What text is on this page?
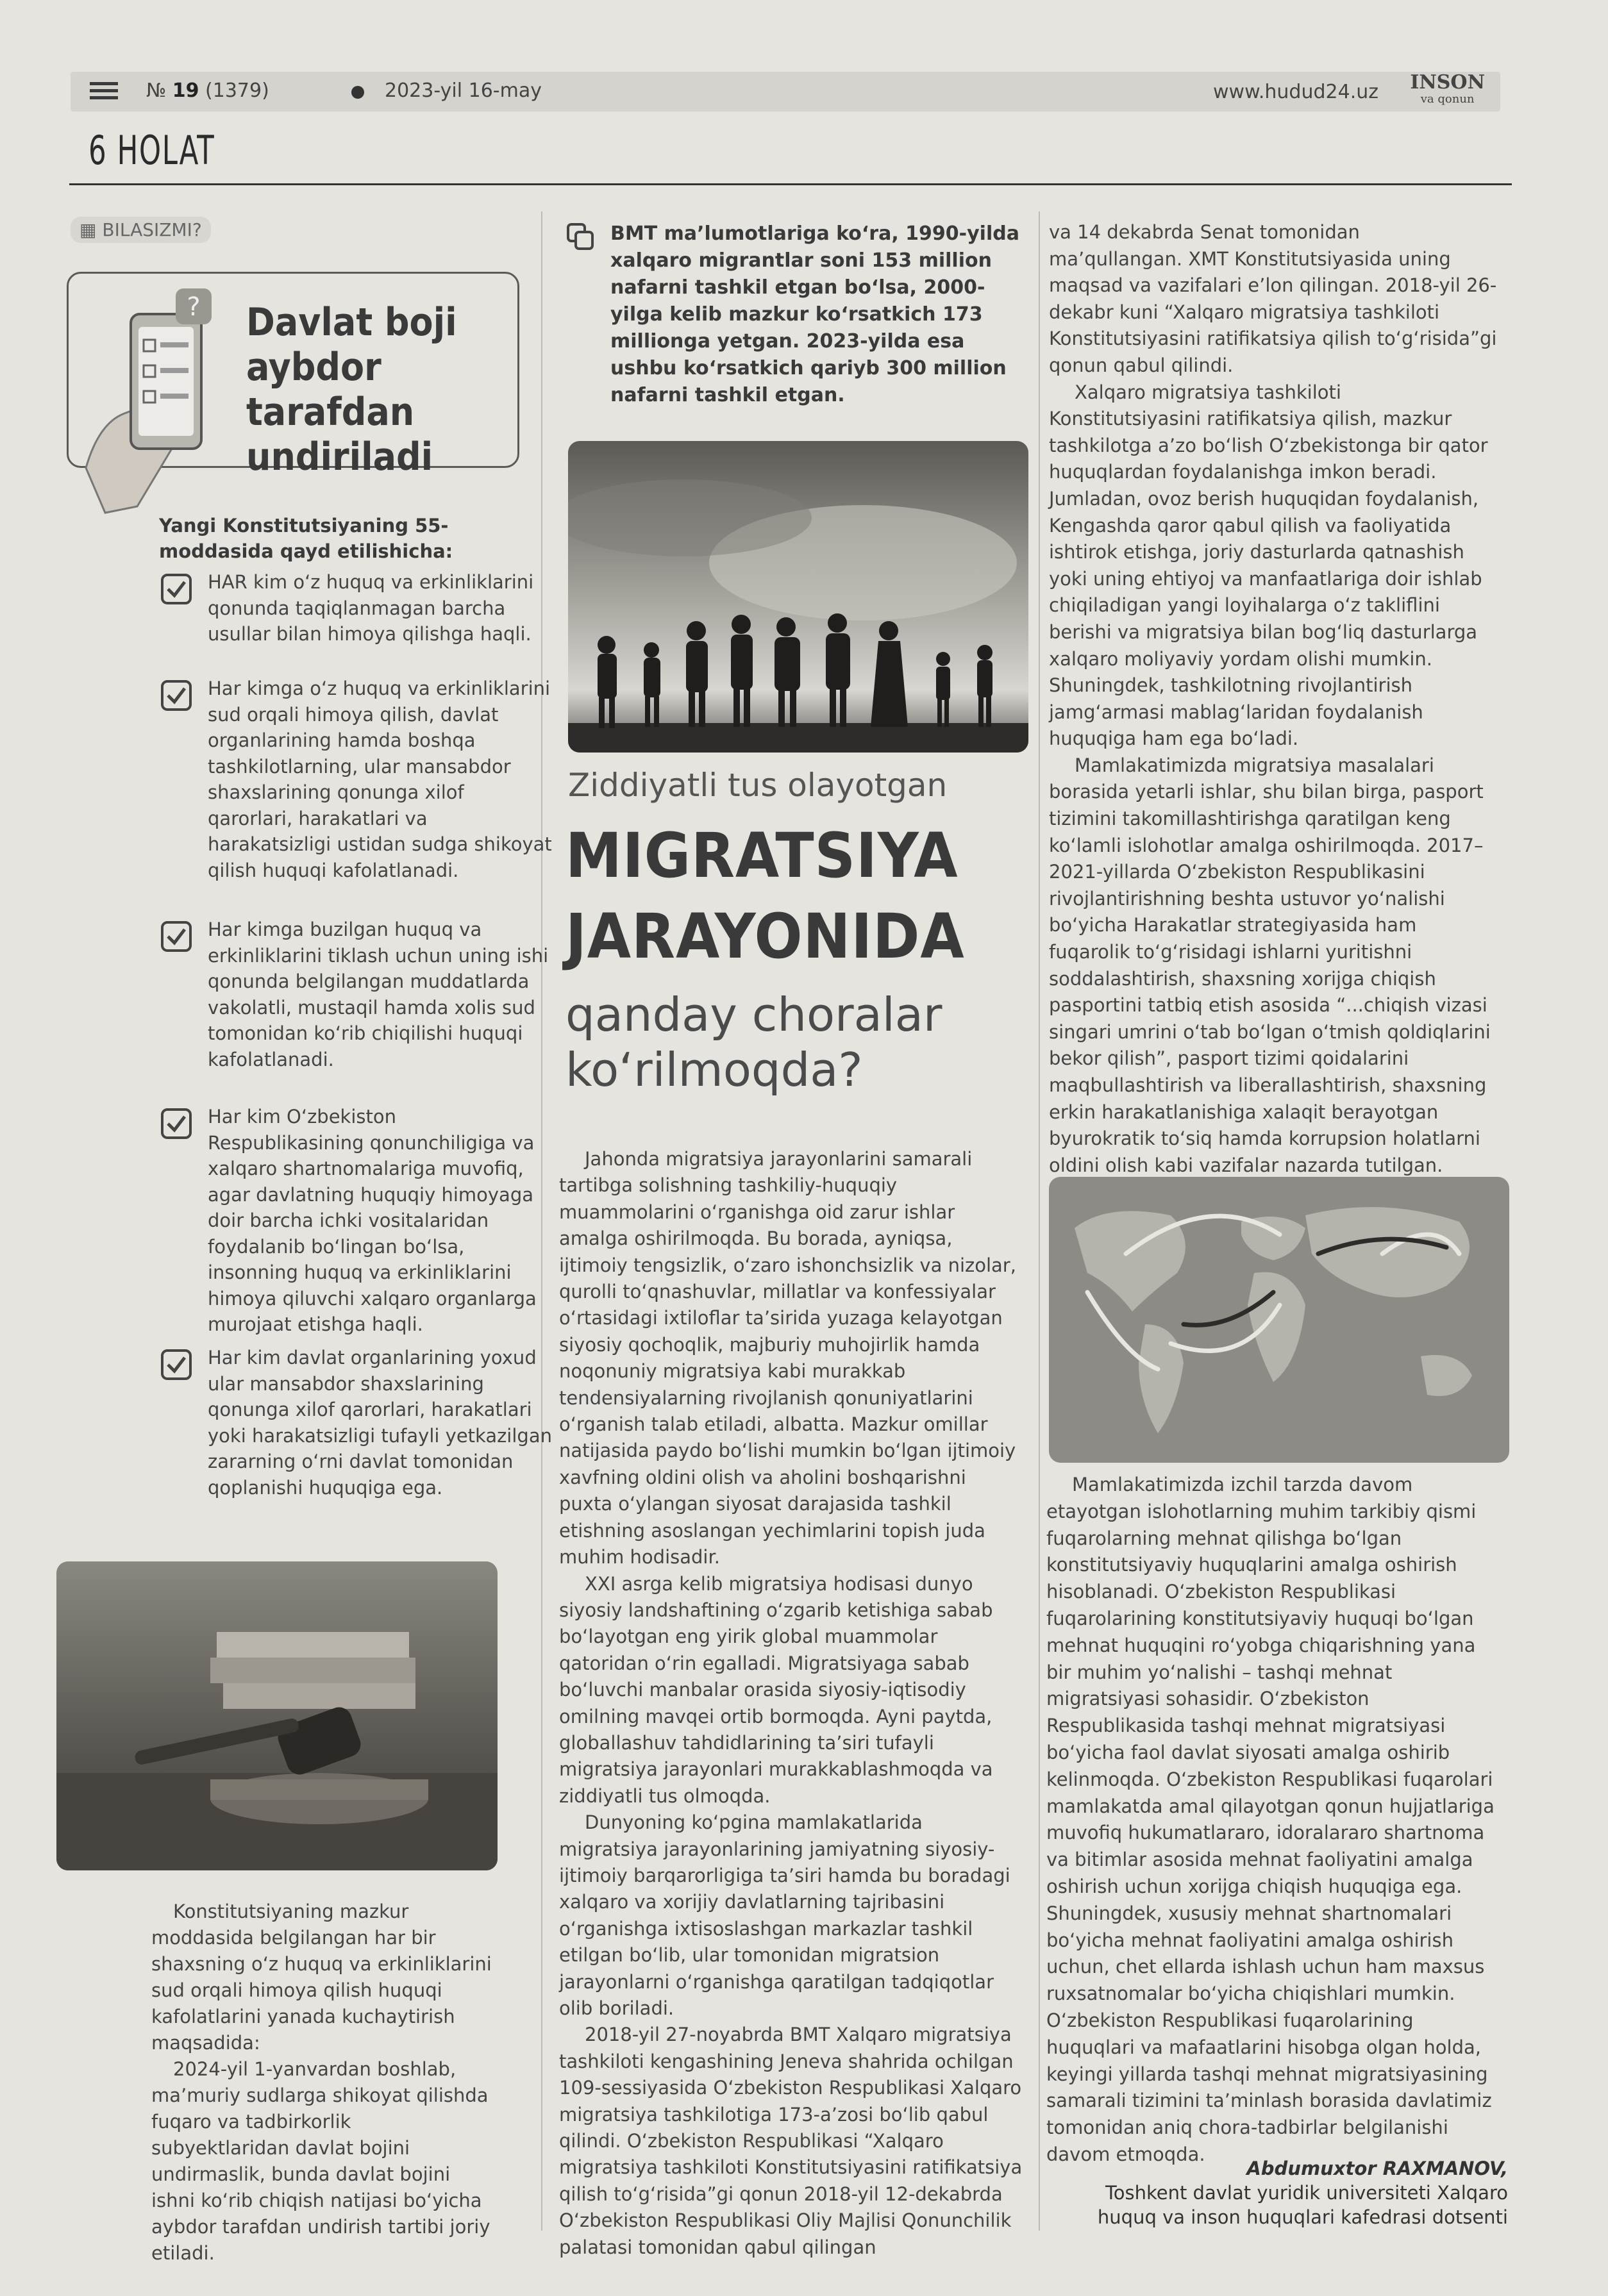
№ 19 (1379)	2023-yil 16-may	www.hudud24.uz INSON
va qonun
6 HOLAT
▦ BILASIZMI?
? Davlat boji aybdor tarafdan undiriladi

Yangi Konstitutsiyaning 55-moddasida qayd etilishicha:

HAR kim o‘z huquq va erkinliklarini qonunda taqiqlanmagan barcha usullar bilan himoya qilishga haqli.

Har kimga o‘z huquq va erkinliklarini sud orqali himoya qilish, davlat organlarining hamda boshqa tashkilotlarning, ular mansabdor shaxslarining qonunga xilof qarorlari, harakatlari va harakatsizligi ustidan sudga shikoyat qilish huquqi kafolatlanadi.

Har kimga buzilgan huquq va erkinliklarini tiklash uchun uning ishi qonunda belgilangan muddatlarda vakolatli, mustaqil hamda xolis sud tomonidan ko‘rib chiqilishi huquqi kafolatlanadi.

Har kim O‘zbekiston Respublikasining qonunchiligiga va xalqaro shartnomalariga muvofiq, agar davlatning huquqiy himoyaga doir barcha ichki vositalaridan foydalanib bo‘lingan bo‘lsa, insonning huquq va erkinliklarini himoya qiluvchi xalqaro organlarga murojaat etishga haqli.

Har kim davlat organlarining yoxud ular mansabdor shaxslarining qonunga xilof qarorlari, harakatlari yoki harakatsizligi tufayli yetkazilgan zararning o‘rni davlat tomonidan qoplanishi huquqiga ega.

Konstitutsiyaning mazkur moddasida belgilangan har bir shaxsning o‘z huquq va erkinliklarini sud orqali himoya qilish huquqi kafolatlarini yanada kuchaytirish maqsadida:

2024-yil 1-yanvardan boshlab, ma’muriy sudlarga shikoyat qilishda fuqaro va tadbirkorlik subyektlaridan davlat bojini undirmaslik, bunda davlat bojini ishni ko‘rib chiqish natijasi bo‘yicha aybdor tarafdan undirish tartibi joriy etiladi.

BMT ma’lumotlariga ko‘ra, 1990-yilda xalqaro migrantlar soni 153 million nafarni tashkil etgan bo‘lsa, 2000-yilga kelib mazkur ko‘rsatkich 173 millionga yetgan. 2023-yilda esa ushbu ko‘rsatkich qariyb 300 million nafarni tashkil etgan.
Ziddiyatli tus olayotgan
MIGRATSIYA
JARAYONIDA
qanday choralar ko‘rilmoqda?

Jahonda migratsiya jarayonlarini samarali tartibga solishning tashkiliy-huquqiy muammolarini o‘rganishga oid zarur ishlar amalga oshirilmoqda. Bu borada, ayniqsa, ijtimoiy tengsizlik, o‘zaro ishonchsizlik va nizolar, qurolli to‘qnashuvlar, millatlar va konfessiyalar o‘rtasidagi ixtiloflar ta’sirida yuzaga kelayotgan siyosiy qochoqlik, majburiy muhojirlik hamda noqonuniy migratsiya kabi murakkab tendensiyalarning rivojlanish qonuniyatlarini o‘rganish talab etiladi, albatta. Mazkur omillar natijasida paydo bo‘lishi mumkin bo‘lgan ijtimoiy xavfning oldini olish va aholini boshqarishni puxta o‘ylangan siyosat darajasida tashkil etishning asoslangan yechimlarini topish juda muhim hodisadir.

XXI asrga kelib migratsiya hodisasi dunyo siyosiy landshaftining o‘zgarib ketishiga sabab bo‘layotgan eng yirik global muammolar qatoridan o‘rin egalladi. Migratsiyaga sabab bo‘luvchi manbalar orasida siyosiy-iqtisodiy omilning mavqei ortib bormoqda. Ayni paytda, globallashuv tahdidlarining ta’siri tufayli migratsiya jarayonlari murakkablashmoqda va ziddiyatli tus olmoqda.

Dunyoning ko‘pgina mamlakatlarida migratsiya jarayonlarining jamiyatning siyosiy-ijtimoiy barqarorligiga ta’siri hamda bu boradagi xalqaro va xorijiy davlatlarning tajribasini o‘rganishga ixtisoslashgan markazlar tashkil etilgan bo‘lib, ular tomonidan migratsion jarayonlarni o‘rganishga qaratilgan tadqiqotlar olib boriladi.

2018-yil 27-noyabrda BMT Xalqaro migratsiya tashkiloti kengashining Jeneva shahrida ochilgan 109-sessiyasida O‘zbekiston Respublikasi Xalqaro migratsiya tashkilotiga 173-a’zosi bo‘lib qabul qilindi. O‘zbekiston Respublikasi “Xalqaro migratsiya tashkiloti Konstitutsiyasini ratifikatsiya qilish to‘g‘risida”gi qonun 2018-yil 12-dekabrda O‘zbekiston Respublikasi Oliy Majlisi Qonunchilik palatasi tomonidan qabul qilingan

va 14 dekabrda Senat tomonidan ma’qullangan. XMT Konstitutsiyasida uning maqsad va vazifalari e’lon qilingan. 2018-yil 26-dekabr kuni “Xalqaro migratsiya tashkiloti Konstitutsiyasini ratifikatsiya qilish to‘g‘risida”gi qonun qabul qilindi.

Xalqaro migratsiya tashkiloti Konstitutsiyasini ratifikatsiya qilish, mazkur tashkilotga a’zo bo‘lish O‘zbekistonga bir qator huquqlardan foydalanishga imkon beradi. Jumladan, ovoz berish huquqidan foydalanish, Kengashda qaror qabul qilish va faoliyatida ishtirok etishga, joriy dasturlarda qatnashish yoki uning ehtiyoj va manfaatlariga doir ishlab chiqiladigan yangi loyihalarga o‘z takliflini berishi va migratsiya bilan bog‘liq dasturlarga xalqaro moliyaviy yordam olishi mumkin. Shuningdek, tashkilotning rivojlantirish jamg‘armasi mablag‘laridan foydalanish huquqiga ham ega bo‘ladi.

Mamlakatimizda migratsiya masalalari borasida yetarli ishlar, shu bilan birga, pasport tizimini takomillashtirishga qaratilgan keng ko‘lamli islohotlar amalga oshirilmoqda. 2017–2021-yillarda O‘zbekiston Respublikasini rivojlantirishning beshta ustuvor yo‘nalishi bo‘yicha Harakatlar strategiyasida ham fuqarolik to‘g‘risidagi ishlarni yuritishni soddalashtirish, shaxsning xorijga chiqish pasportini tatbiq etish asosida “...chiqish vizasi singari umrini o‘tab bo‘lgan o‘tmish qoldiqlarini bekor qilish”, pasport tizimi qoidalarini maqbullashtirish va liberallashtirish, shaxsning erkin harakatlanishiga xalaqit berayotgan byurokratik to‘siq hamda korrupsion holatlarni oldini olish kabi vazifalar nazarda tutilgan.

Mamlakatimizda izchil tarzda davom etayotgan islohotlarning muhim tarkibiy qismi fuqarolarning mehnat qilishga bo‘lgan konstitutsiyaviy huquqlarini amalga oshirish hisoblanadi. O‘zbekiston Respublikasi fuqarolarining konstitutsiyaviy huquqi bo‘lgan mehnat huquqini ro‘yobga chiqarishning yana bir muhim yo‘nalishi – tashqi mehnat migratsiyasi sohasidir. O‘zbekiston Respublikasida tashqi mehnat migratsiyasi bo‘yicha faol davlat siyosati amalga oshirib kelinmoqda. O‘zbekiston Respublikasi fuqarolari mamlakatda amal qilayotgan qonun hujjatlariga muvofiq hukumatlararo, idoralararo shartnoma va bitimlar asosida mehnat faoliyatini amalga oshirish uchun xorijga chiqish huquqiga ega. Shuningdek, xususiy mehnat shartnomalari bo‘yicha mehnat faoliyatini amalga oshirish uchun, chet ellarda ishlash uchun ham maxsus ruxsatnomalar bo‘yicha chiqishlari mumkin. O‘zbekiston Respublikasi fuqarolarining huquqlari va mafaatlarini hisobga olgan holda, keyingi yillarda tashqi mehnat migratsiyasining samarali tizimini ta’minlash borasida davlatimiz tomonidan aniq chora-tadbirlar belgilanishi davom etmoqda.

Abdumuxtor RAXMANOV,
Toshkent davlat yuridik universiteti Xalqaro huquq va inson huquqlari kafedrasi dotsenti
